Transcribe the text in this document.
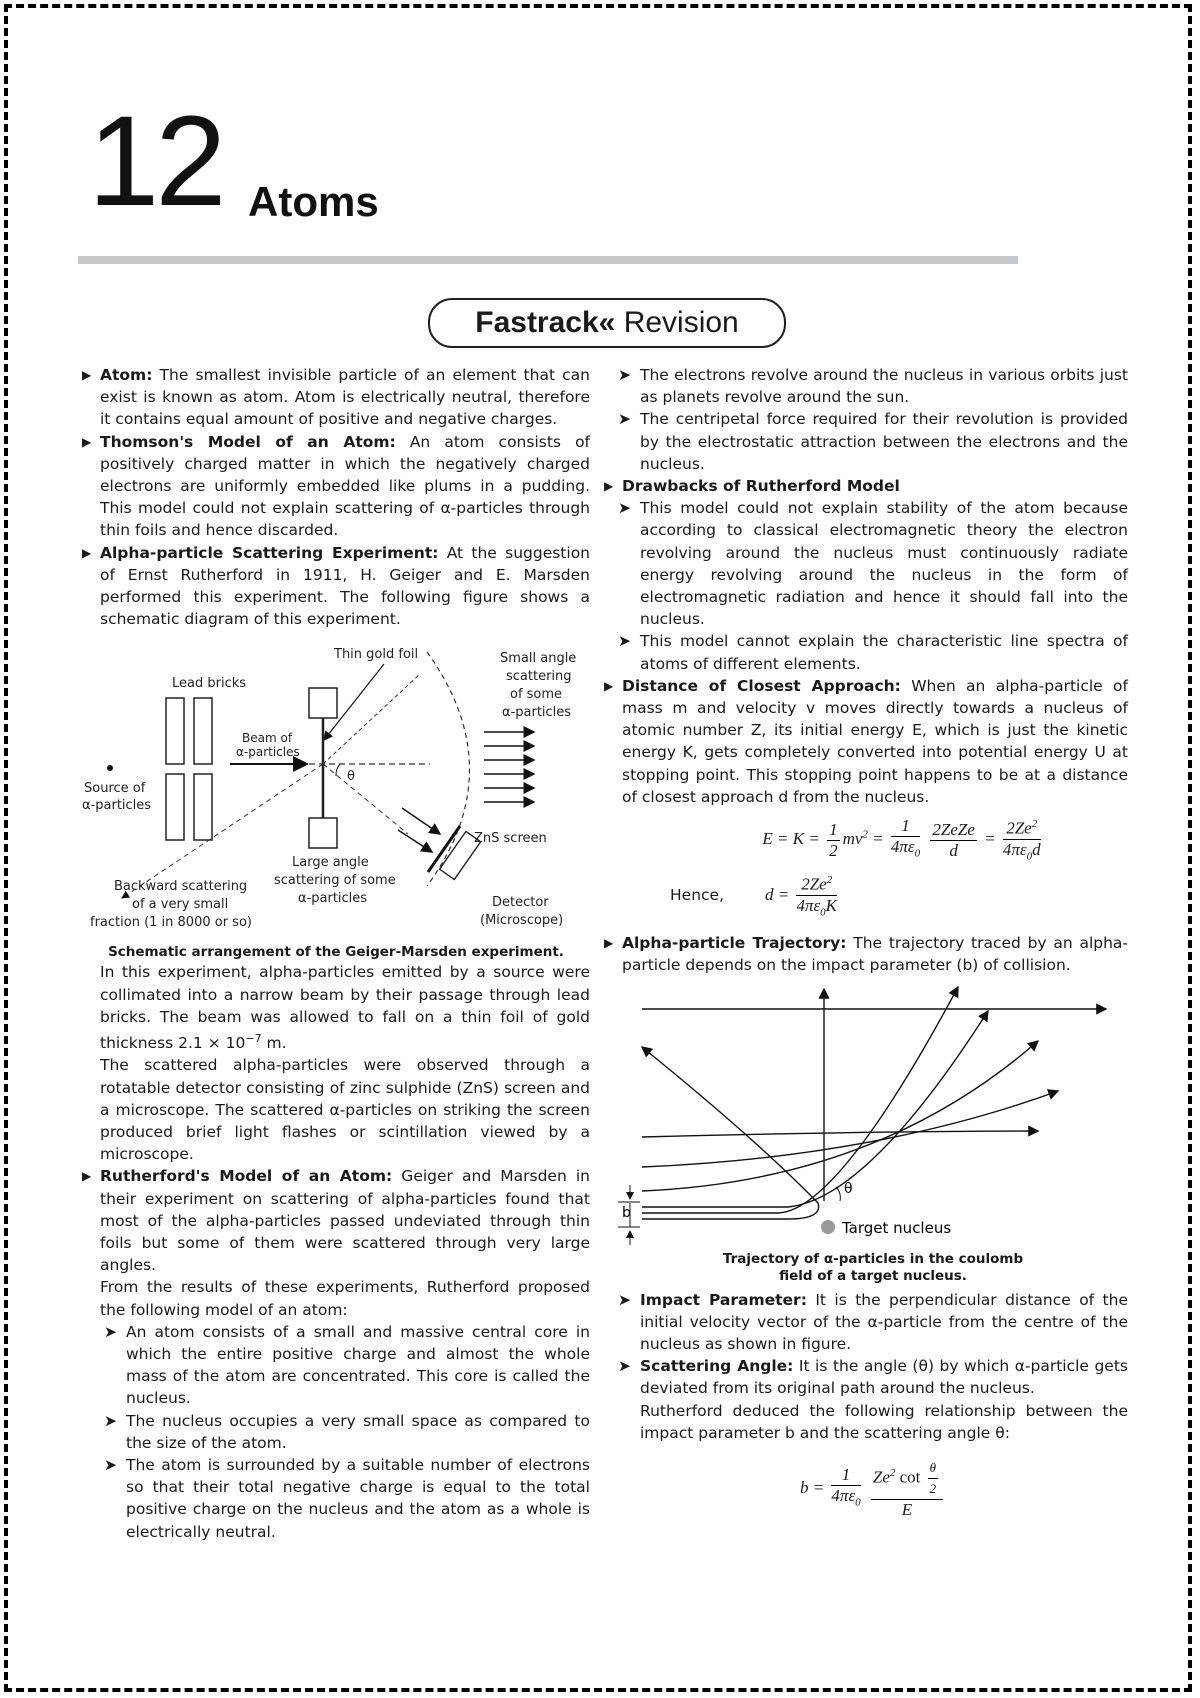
12 Atoms
Fastrack« Revision
▶ Atom: The smallest invisible particle of an element that can exist is known as atom. Atom is electrically neutral, therefore it contains equal amount of positive and negative charges.
▶ Thomson's Model of an Atom: An atom consists of positively charged matter in which the negatively charged electrons are uniformly embedded like plums in a pudding. This model could not explain scattering of α-particles through thin foils and hence discarded.
▶ Alpha-particle Scattering Experiment: At the suggestion of Ernst Rutherford in 1911, H. Geiger and E. Marsden performed this experiment. The following figure shows a schematic diagram of this experiment.
Lead bricks
Thin gold foil	Small angle
scattering
of some
α-particles
Beam of
α-particles
Source of
α-particles
θ
ZnS screen
Large angle
scattering of some
α-particles
Backward scattering
of a very small
fraction (1 in 8000 or so)
Detector
(Microscope)

Schematic arrangement of the Geiger-Marsden experiment.

In this experiment, alpha-particles emitted by a source were collimated into a narrow beam by their passage through lead bricks. The beam was allowed to fall on a thin foil of gold thickness $2.1 \times 10^{-7}$ m.

The scattered alpha-particles were observed through a rotatable detector consisting of zinc sulphide (ZnS) screen and a microscope. The scattered α-particles on striking the screen produced brief light flashes or scintillation viewed by a microscope.

▶ Rutherford's Model of an Atom: Geiger and Marsden in their experiment on scattering of alpha-particles found that most of the alpha-particles passed undeviated through thin foils but some of them were scattered through very large angles.

From the results of these experiments, Rutherford proposed the following model of an atom:

➤ An atom consists of a small and massive central core in which the entire positive charge and almost the whole mass of the atom are concentrated. This core is called the nucleus.
➤ The nucleus occupies a very small space as compared to the size of the atom.
➤ The atom is surrounded by a suitable number of electrons so that their total negative charge is equal to the total positive charge on the nucleus and the atom as a whole is electrically neutral.
➤ The electrons revolve around the nucleus in various orbits just as planets revolve around the sun.
➤ The centripetal force required for their revolution is provided by the electrostatic attraction between the electrons and the nucleus.
▶ Drawbacks of Rutherford Model
➤ This model could not explain stability of the atom because according to classical electromagnetic theory the electron revolving around the nucleus must continuously radiate energy revolving around the nucleus in the form of electromagnetic radiation and hence it should fall into the nucleus.
➤ This model cannot explain the characteristic line spectra of atoms of different elements.
▶ Distance of Closest Approach: When an alpha-particle of mass m and velocity v moves directly towards a nucleus of atomic number Z, its initial energy E, which is just the kinetic energy K, gets completely converted into potential energy U at stopping point. This stopping point happens to be at a distance of closest approach d from the nucleus.
$E = K = \frac{1}{2} mv^2 = \frac{1}{4\pi\varepsilon_0}$
$\frac{\text{2ZeZe}}{d} = \frac{2Ze^2}{4\pi\varepsilon_0d}$
Hence, $d = \frac{2Ze^2}{4\pi\varepsilon_0K}$
▶ Alpha-particle Trajectory: The trajectory traced by an alpha-particle depends on the impact parameter (b) of collision.
b
θ
Target nucleus

Trajectory of α-particles in the coulomb

field of a target nucleus.

➤ Impact Parameter: It is the perpendicular distance of the initial velocity vector of the α-particle from the centre of the nucleus as shown in figure.
➤ Scattering Angle: It is the angle (θ) by which α-particle gets deviated from its original path around the nucleus.

Rutherford deduced the following relationship between the impact parameter b and the scattering angle θ:

$b = \frac{1}{4\pi\varepsilon_0}$
$\frac{Ze^2 \cot \frac{\theta}{2}}{E}$
